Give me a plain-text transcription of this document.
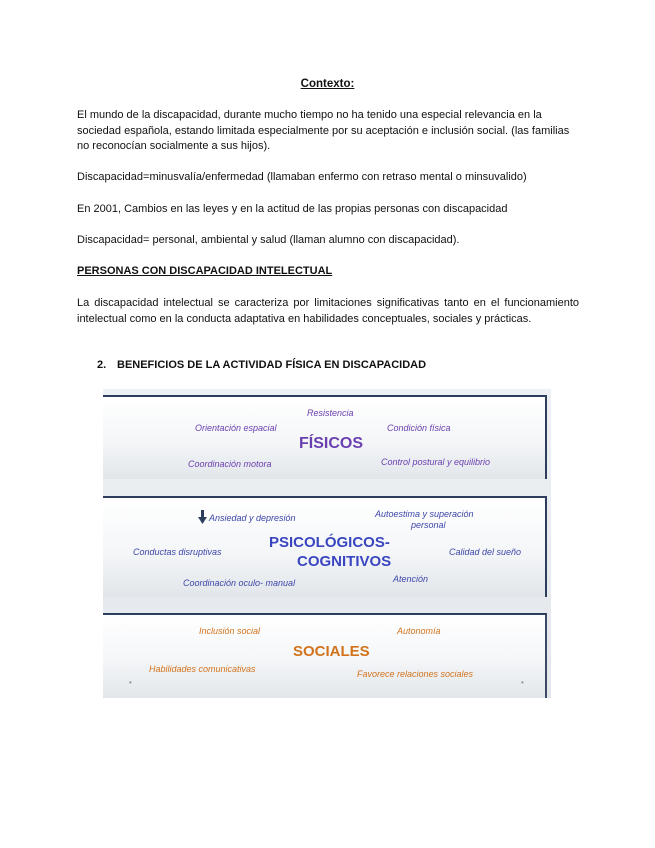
Contexto:

El mundo de la discapacidad, durante mucho tiempo no ha tenido una especial relevancia en la sociedad española, estando limitada especialmente por su aceptación e inclusión social. (las familias no reconocían socialmente a sus hijos).

Discapacidad=minusvalía/enfermedad (llamaban enfermo con retraso mental o minsuvalido)

En 2001, Cambios en las leyes y en la actitud de las propias personas con discapacidad

Discapacidad= personal, ambiental y salud (llaman alumno con discapacidad).

PERSONAS CON DISCAPACIDAD INTELECTUAL

La discapacidad intelectual se caracteriza por limitaciones significativas tanto en el funcionamiento intelectual como en la conducta adaptativa en habilidades conceptuales, sociales y prácticas.

2. BENEFICIOS DE LA ACTIVIDAD FÍSICA EN DISCAPACIDAD

Resistencia
Orientación espacial	Condición física
FÍSICOS
Coordinación motora	Control postural y equilibrio
Ansiedad y depresión	Autoestima y superación
personal
PSICOLÓGICOS-
COGNITIVOS
Conductas disruptivas	Calidad del sueño
Atención
Coordinación oculo- manual
Inclusión social	Autonomía
SOCIALES
Habilidades comunicativas	Favorece relaciones sociales
•	•
